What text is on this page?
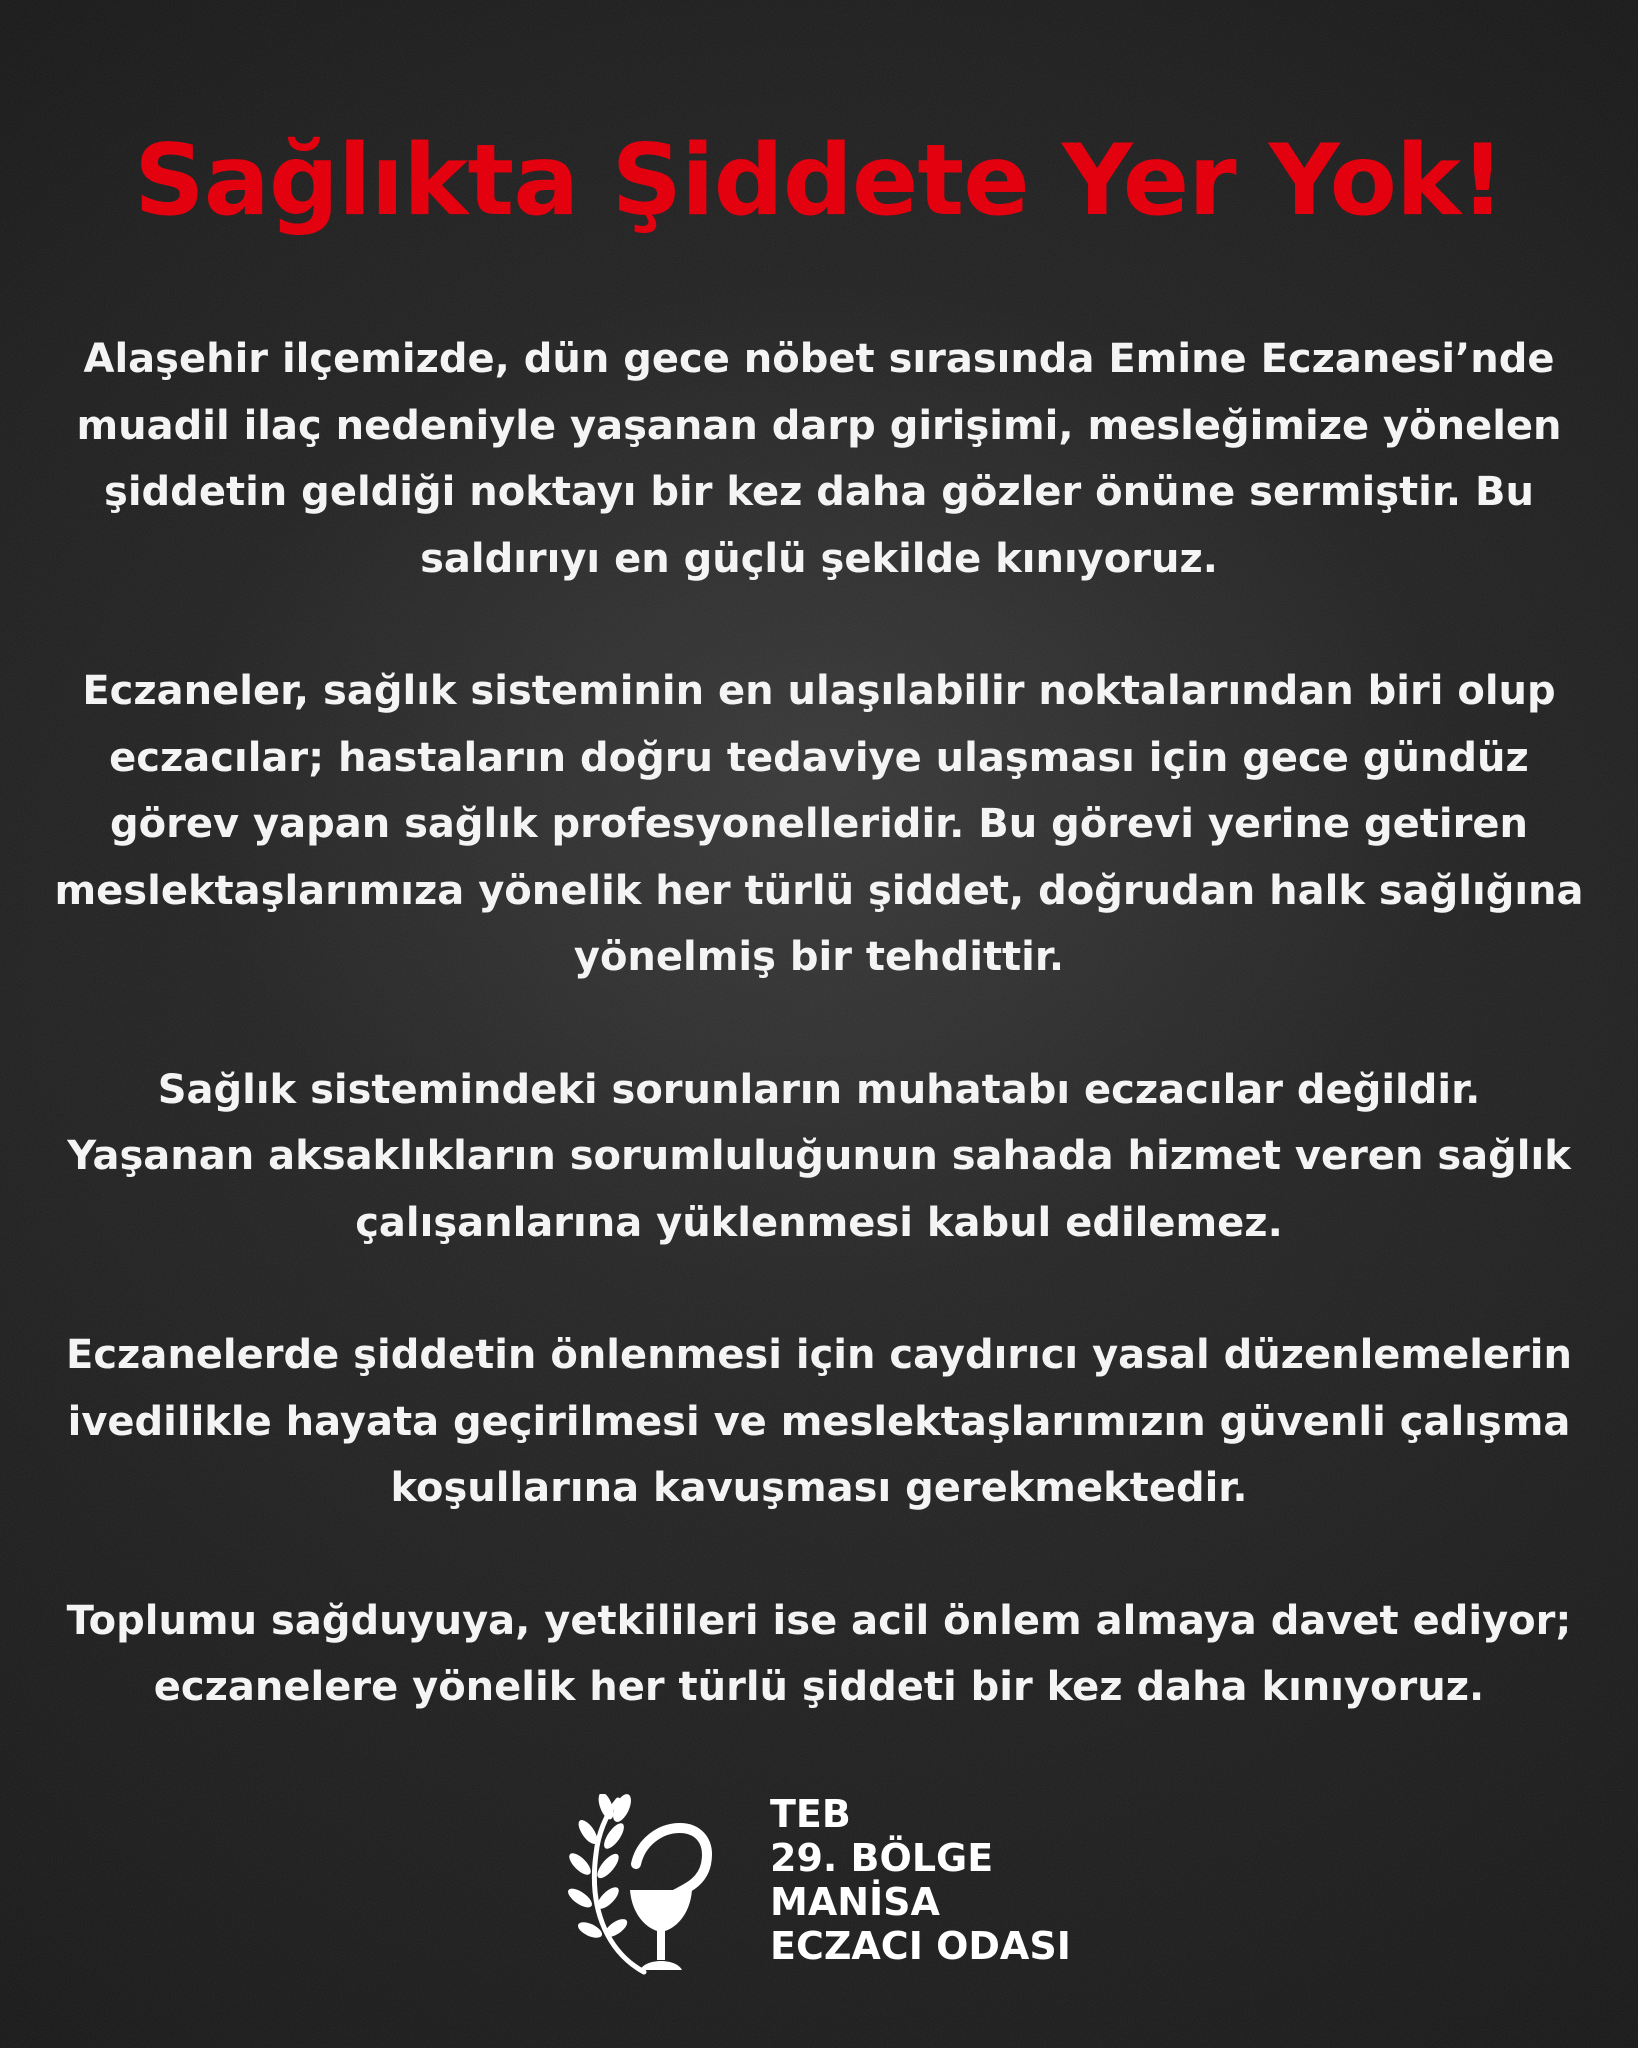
Sağlıkta Şiddete Yer Yok!

Alaşehir ilçemizde, dün gece nöbet sırasında Emine Eczanesi’nde
muadil ilaç nedeniyle yaşanan darp girişimi, mesleğimize yönelen
şiddetin geldiği noktayı bir kez daha gözler önüne sermiştir. Bu
saldırıyı en güçlü şekilde kınıyoruz.

Eczaneler, sağlık sisteminin en ulaşılabilir noktalarından biri olup
eczacılar; hastaların doğru tedaviye ulaşması için gece gündüz
görev yapan sağlık profesyonelleridir. Bu görevi yerine getiren
meslektaşlarımıza yönelik her türlü şiddet, doğrudan halk sağlığına
yönelmiş bir tehdittir.

Sağlık sistemindeki sorunların muhatabı eczacılar değildir.
Yaşanan aksaklıkların sorumluluğunun sahada hizmet veren sağlık
çalışanlarına yüklenmesi kabul edilemez.

Eczanelerde şiddetin önlenmesi için caydırıcı yasal düzenlemelerin
ivedilikle hayata geçirilmesi ve meslektaşlarımızın güvenli çalışma
koşullarına kavuşması gerekmektedir.

Toplumu sağduyuya, yetkilileri ise acil önlem almaya davet ediyor;
eczanelere yönelik her türlü şiddeti bir kez daha kınıyoruz.

TEB
29. BÖLGE
MANİSA
ECZACI ODASI
